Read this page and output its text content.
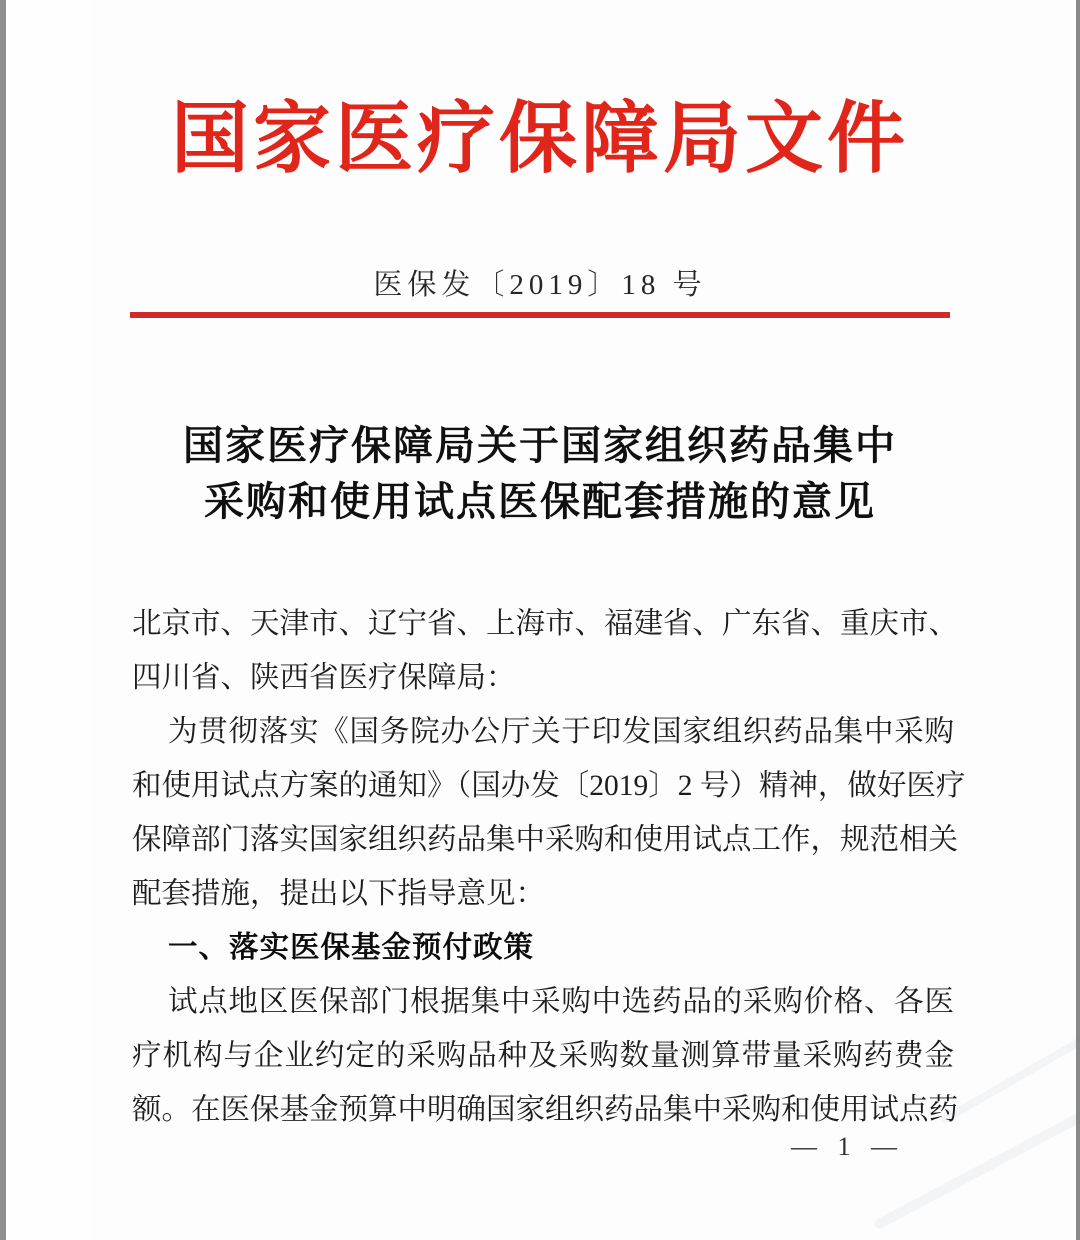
国家医疗保障局文件
医保发〔2019〕18 号
国家医疗保障局关于国家组织药品集中
采购和使用试点医保配套措施的意见
北京市、天津市、辽宁省、上海市、福建省、广东省、重庆市、
四川省、陕西省医疗保障局：
为贯彻落实《国务院办公厅关于印发国家组织药品集中采购
和使用试点方案的通知》（国办发〔2019〕2 号）精神，做好医疗
保障部门落实国家组织药品集中采购和使用试点工作，规范相关
配套措施，提出以下指导意见：
一、落实医保基金预付政策
试点地区医保部门根据集中采购中选药品的采购价格、各医
疗机构与企业约定的采购品种及采购数量测算带量采购药费金
额。在医保基金预算中明确国家组织药品集中采购和使用试点药
— 1 —
